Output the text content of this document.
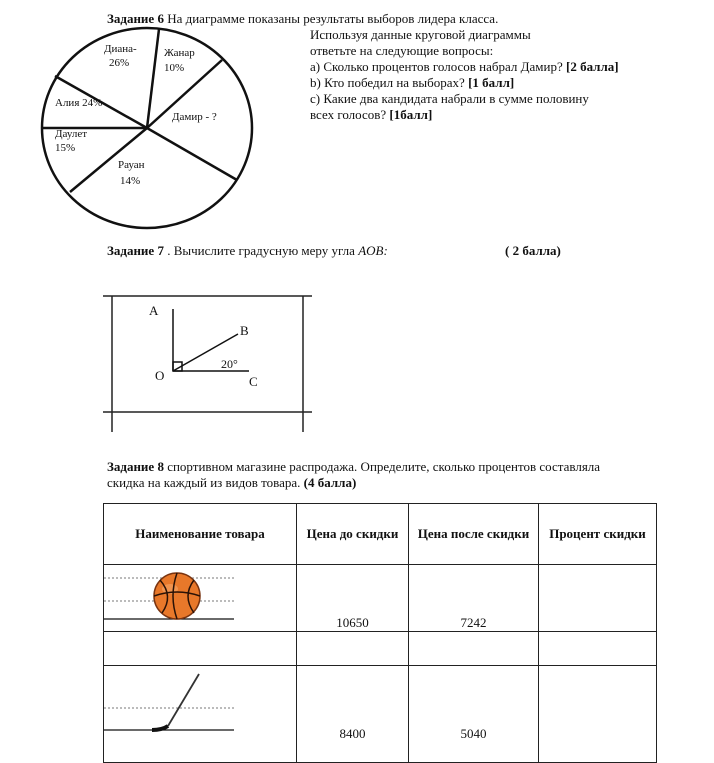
Задание 6 На диаграмме показаны результаты выборов лидера класса.
Диана-
26%
Жанар
10%
Алия 24%
Дамир - ?
Даулет
15%
Рауан
14%
Используя данные круговой диаграммы
ответьте на следующие вопросы:
а) Сколько процентов голосов набрал Дамир? [2 балла]
b) Кто победил на выборах? [1 балл]
c) Какие два кандидата набрали в сумме половину
всех голосов? [1балл]
Задание 7 . Вычислите градусную меру угла AOB:	( 2 балла)
A
B
O	C
20°
Задание 8 спортивном магазине распродажа. Определите, сколько процентов составляла
скидка на каждый из видов товара. (4 балла)
Наименование товара	Цена до скидки	Цена после скидки	Процент скидки
	10650	7242	

	8400	5040	
